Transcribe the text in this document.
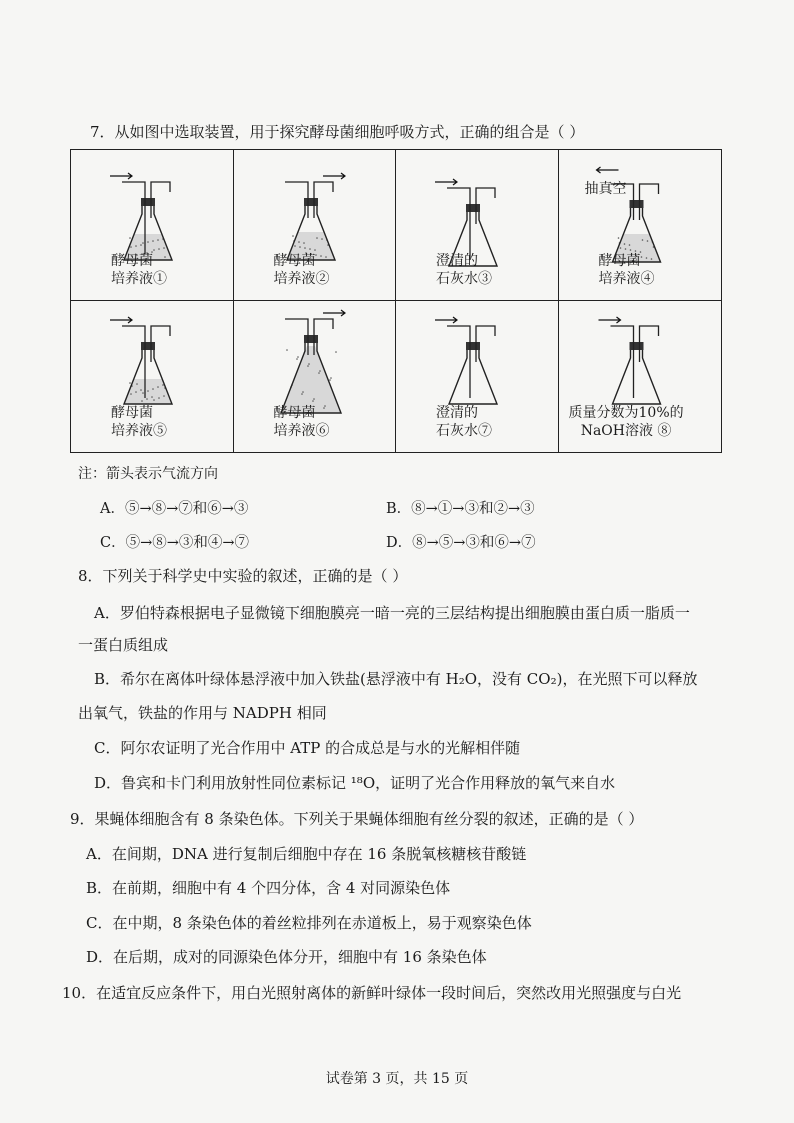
7．从如图中选取装置，用于探究酵母菌细胞呼吸方式，正确的组合是（ ）
酵母菌
培养液①
酵母菌
培养液②
澄清的
石灰水③
酵母菌
培养液④
抽真空
酵母菌
培养液⑤
酵母菌
培养液⑥
澄清的
石灰水⑦
质量分数为10%的
NaOH溶液 ⑧
注：箭头表示气流方向
A．⑤→⑧→⑦和⑥→③	B．⑧→①→③和②→③
C．⑤→⑧→③和④→⑦	D．⑧→⑤→③和⑥→⑦
8．下列关于科学史中实验的叙述，正确的是（ ）
A．罗伯特森根据电子显微镜下细胞膜亮一暗一亮的三层结构提出细胞膜由蛋白质一脂质一
一蛋白质组成
B．希尔在离体叶绿体悬浮液中加入铁盐(悬浮液中有 H₂O，没有 CO₂)，在光照下可以释放
出氧气，铁盐的作用与 NADPH 相同
C．阿尔农证明了光合作用中 ATP 的合成总是与水的光解相伴随
D．鲁宾和卡门利用放射性同位素标记 ¹⁸O，证明了光合作用释放的氧气来自水
9．果蝇体细胞含有 8 条染色体。下列关于果蝇体细胞有丝分裂的叙述，正确的是（ ）
A．在间期，DNA 进行复制后细胞中存在 16 条脱氧核糖核苷酸链
B．在前期，细胞中有 4 个四分体，含 4 对同源染色体
C．在中期，8 条染色体的着丝粒排列在赤道板上，易于观察染色体
D．在后期，成对的同源染色体分开，细胞中有 16 条染色体
10．在适宜反应条件下，用白光照射离体的新鲜叶绿体一段时间后，突然改用光照强度与白光
试卷第 3 页，共 15 页
